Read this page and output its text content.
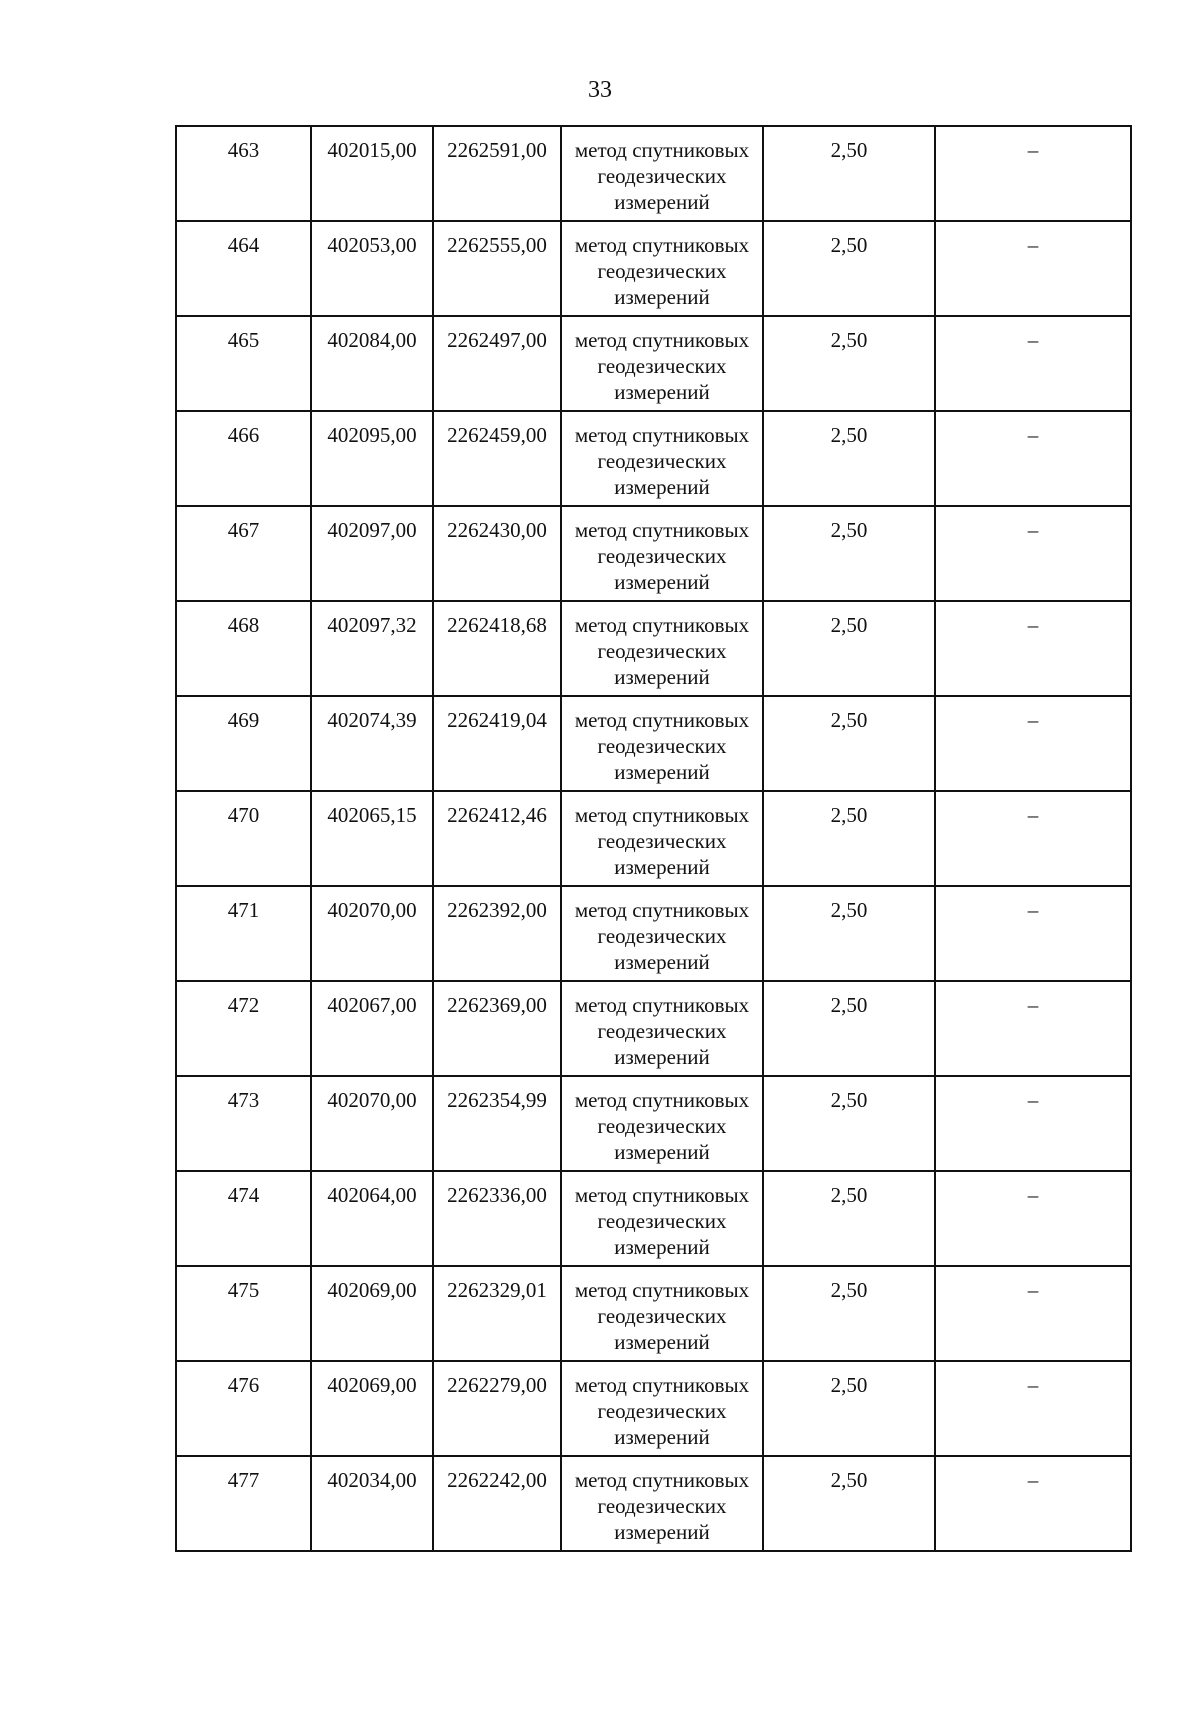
33
463	402015,00	2262591,00	метод спутниковых геодезических измерений	2,50	–
464	402053,00	2262555,00	метод спутниковых геодезических измерений	2,50	–
465	402084,00	2262497,00	метод спутниковых геодезических измерений	2,50	–
466	402095,00	2262459,00	метод спутниковых геодезических измерений	2,50	–
467	402097,00	2262430,00	метод спутниковых геодезических измерений	2,50	–
468	402097,32	2262418,68	метод спутниковых геодезических измерений	2,50	–
469	402074,39	2262419,04	метод спутниковых геодезических измерений	2,50	–
470	402065,15	2262412,46	метод спутниковых геодезических измерений	2,50	–
471	402070,00	2262392,00	метод спутниковых геодезических измерений	2,50	–
472	402067,00	2262369,00	метод спутниковых геодезических измерений	2,50	–
473	402070,00	2262354,99	метод спутниковых геодезических измерений	2,50	–
474	402064,00	2262336,00	метод спутниковых геодезических измерений	2,50	–
475	402069,00	2262329,01	метод спутниковых геодезических измерений	2,50	–
476	402069,00	2262279,00	метод спутниковых геодезических измерений	2,50	–
477	402034,00	2262242,00	метод спутниковых геодезических измерений	2,50	–
